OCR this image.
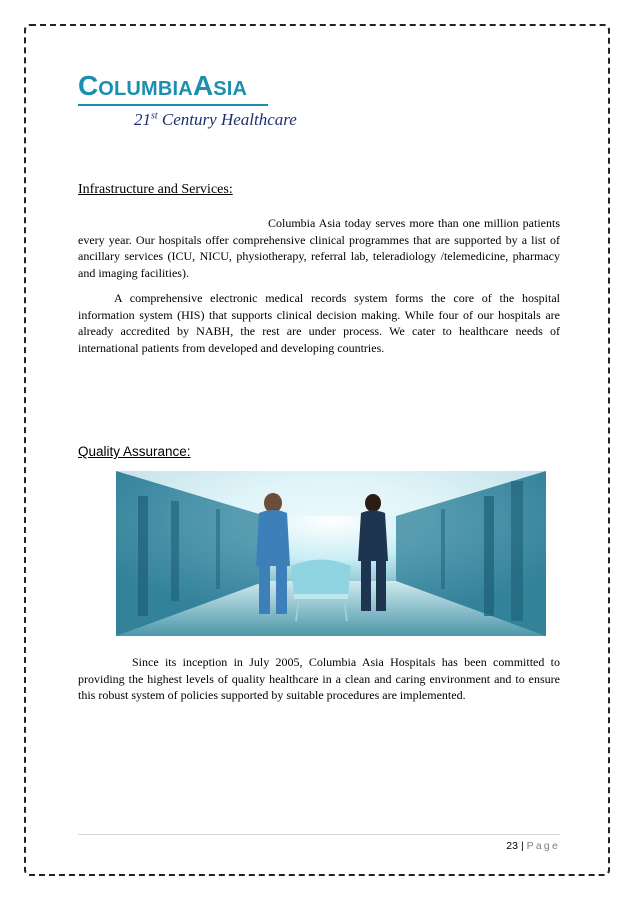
COLUMBIAASIA
21st Century Healthcare
Infrastructure and Services:
Columbia Asia today serves more than one million patients every year. Our hospitals offer comprehensive clinical programmes that are supported by a list of ancillary services (ICU, NICU, physiotherapy, referral lab, teleradiology /telemedicine, pharmacy and imaging facilities).
A comprehensive electronic medical records system forms the core of the hospital information system (HIS) that supports clinical decision making. While four of our hospitals are already accredited by NABH, the rest are under process. We cater to healthcare needs of international patients from developed and developing countries.
Quality Assurance:
Since its inception in July 2005, Columbia Asia Hospitals has been committed to providing the highest levels of quality healthcare in a clean and caring environment and to ensure this robust system of policies supported by suitable procedures are implemented.
23 | Page
